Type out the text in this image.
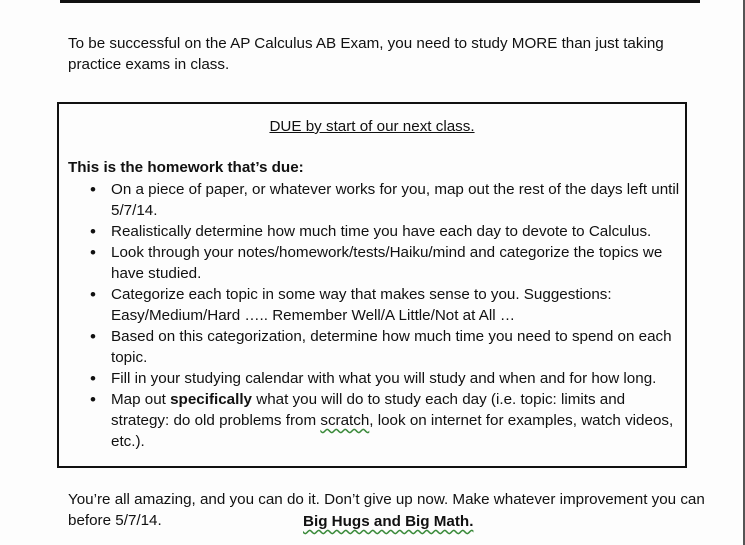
To be successful on the AP Calculus AB Exam, you need to study MORE than just taking practice exams in class.
DUE by start of our next class.
This is the homework that’s due:
• On a piece of paper, or whatever works for you, map out the rest of the days left until 5/7/14.
• Realistically determine how much time you have each day to devote to Calculus.
• Look through your notes/homework/tests/Haiku/mind and categorize the topics we have studied.
• Categorize each topic in some way that makes sense to you. Suggestions: Easy/Medium/Hard ….. Remember Well/A Little/Not at All …
• Based on this categorization, determine how much time you need to spend on each topic.
• Fill in your studying calendar with what you will study and when and for how long.
• Map out specifically what you will do to study each day (i.e. topic: limits and strategy: do old problems from scratch, look on internet for examples, watch videos, etc.).
You’re all amazing, and you can do it. Don’t give up now. Make whatever improvement you can before 5/7/14.	Big Hugs and Big Math.
